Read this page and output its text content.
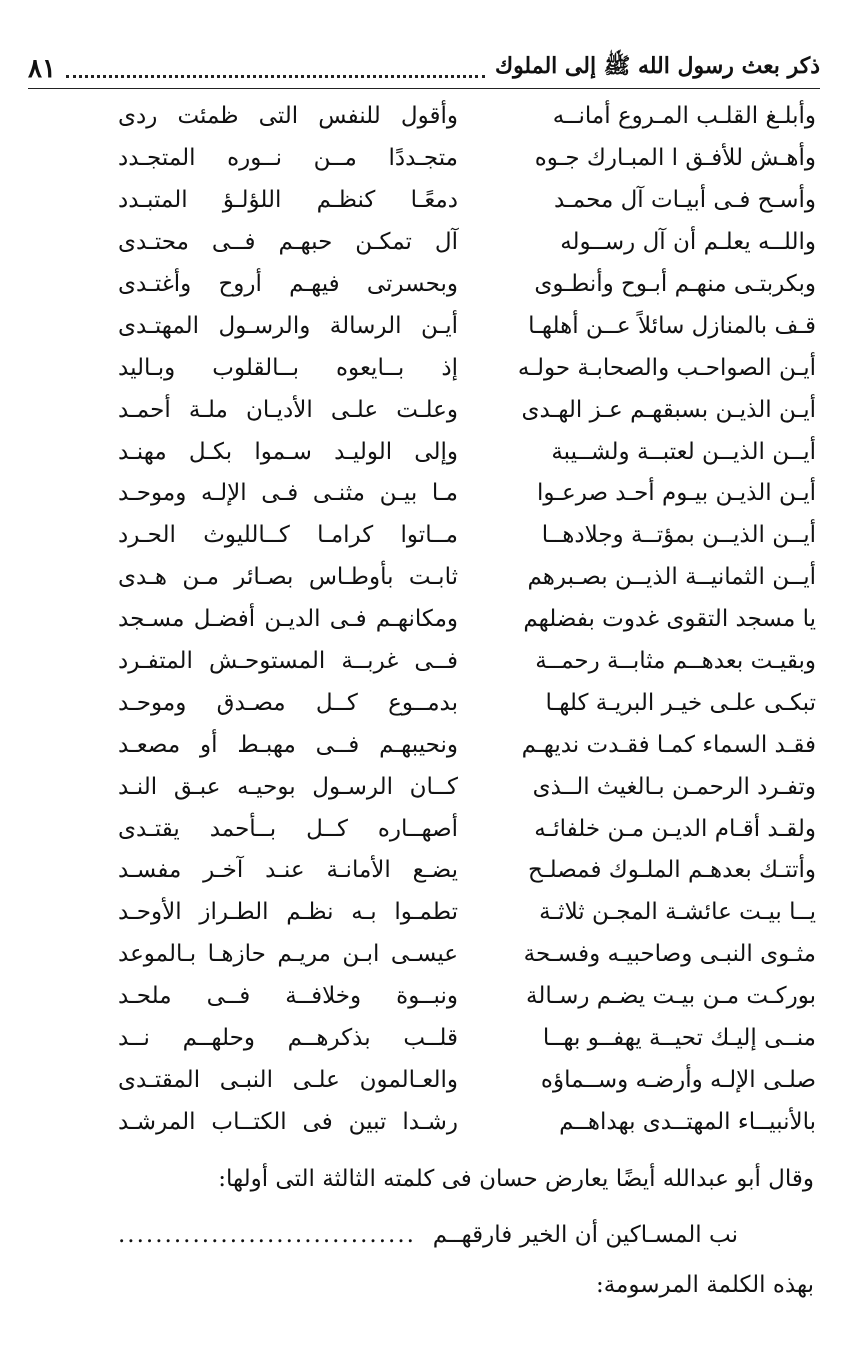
ذكر بعث رسول الله ﷺ إلى الملوك
٨١
وأبلـغ القلـب المـروع أمانــه
وأقول للنفس التى ظمئت ردى
وأهـش للأفـق ا المبـارك جـوه
متجـددًا مــن نــوره المتجـدد
وأسـح فـى أبيـات آل محمـد
دمعًـا كنظـم اللؤلـؤ المتبـدد
واللــه يعلـم أن آل رســوله
آل تمكـن حبهـم فــى محتـدى
وبكربتـى منهـم أبـوح وأنطـوى
وبحسرتى فيهـم أروح وأغتـدى
قـف بالمنازل سائلاً عــن أهلهـا
أيـن الرسالة والرسـول المهتـدى
أيـن الصواحـب والصحابـة حولـه
إذ بــايعوه بــالقلوب وبـاليد
أيـن الذيـن بسبقهـم عـز الهـدى
وعلـت علـى الأديـان ملـة أحمـد
أيــن الذيــن لعتبــة ولشــيبة
وإلى الوليـد سـموا بكـل مهنـد
أيـن الذيـن بيـوم أحـد صرعـوا
مـا بيـن مثنـى فـى الإلـه وموحـد
أيــن الذيــن بمؤتــة وجلادهــا
مــاتوا كرامـا كــالليوث الحـرد
أيــن الثمانيــة الذيــن بصـبرهم
ثابـت بأوطـاس بصـائر مـن هـدى
يا مسجد التقوى غدوت بفضلهم
ومكانهـم فـى الديـن أفضـل مسـجد
وبقيـت بعدهــم مثابــة رحمــة
فــى غربــة المستوحـش المتفـرد
تبكـى علـى خيـر البريـة كلهـا
بدمــوع كــل مصـدق وموحـد
فقـد السماء كمـا فقـدت نديهـم
ونحيبهـم فــى مهبـط أو مصعـد
وتفـرد الرحمـن بـالغيث الــذى
كــان الرسـول بوحيـه عبـق النـد
ولقـد أقـام الديـن مـن خلفائـه
أصهــاره كــل بــأحمد يقتـدى
وأتتـك بعدهـم الملـوك فمصلـح
يضـع الأمانـة عنـد آخـر مفسـد
يــا بيـت عائشـة المجـن ثلاثـة
تطمـوا بـه نظـم الطـراز الأوحـد
مثـوى النبـى وصاحبيـه وفسـحة
عيسـى ابـن مريـم حازهـا بـالموعد
بوركـت مـن بيـت يضـم رسـالة
ونبــوة وخلافــة فــى ملحـد
منــى إليـك تحيــة يهفــو بهــا
قلــب بذكرهــم وحلهــم نــد
صلـى الإلـه وأرضـه وســماؤه
والعـالمون علـى النبـى المقتـدى
بالأنبيــاء المهتــدى بهداهــم
رشـدا تبين فى الكتــاب المرشـد
وقال أبو عبدالله أيضًا يعارض حسان فى كلمته الثالثة التى أولها:
نب المسـاكين أن الخير فارقهــم
................................
بهذه الكلمة المرسومة:
